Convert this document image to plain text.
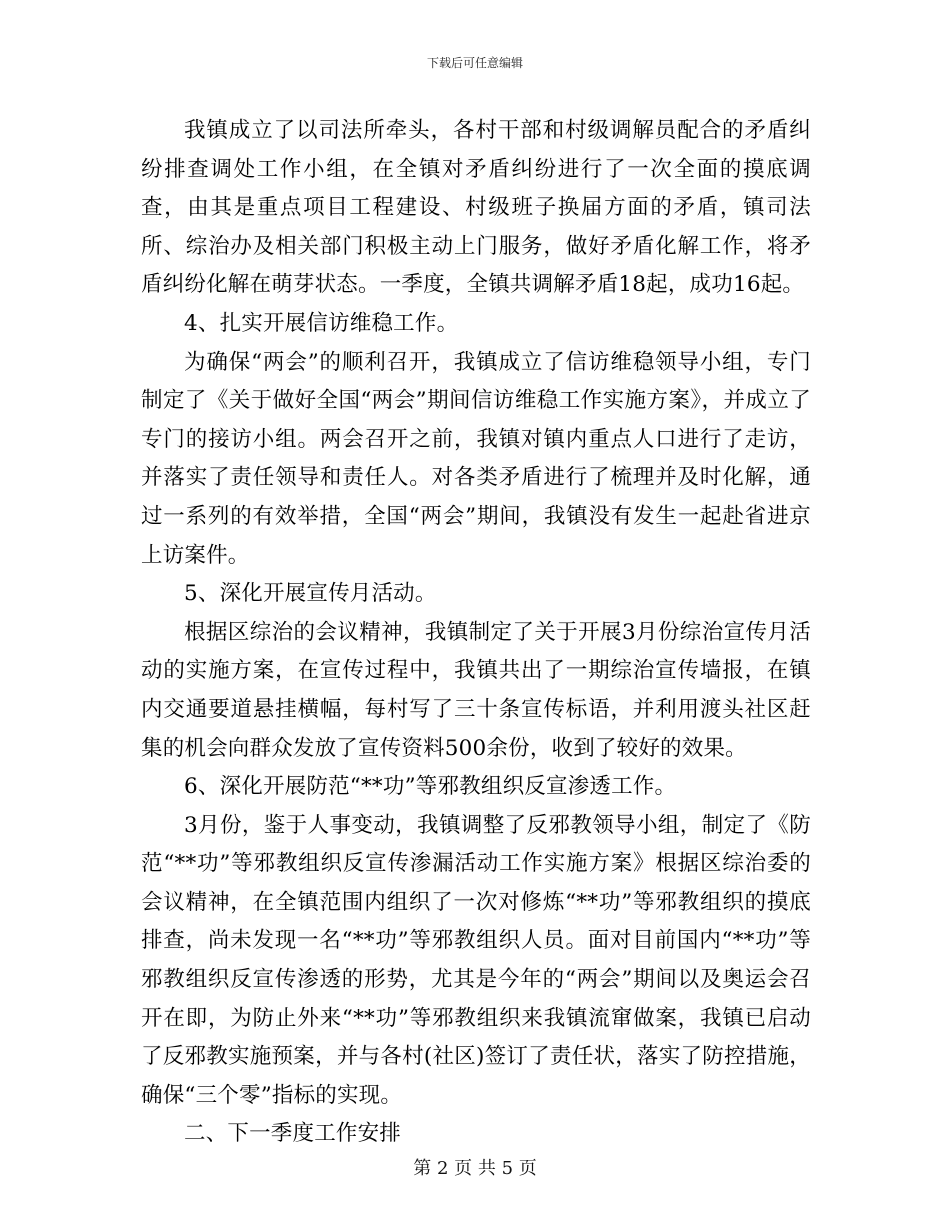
下载后可任意编辑

我镇成立了以司法所牵头，各村干部和村级调解员配合的矛盾纠纷排查调处工作小组，在全镇对矛盾纠纷进行了一次全面的摸底调查，由其是重点项目工程建设、村级班子换届方面的矛盾，镇司法所、综治办及相关部门积极主动上门服务，做好矛盾化解工作，将矛盾纠纷化解在萌芽状态。一季度，全镇共调解矛盾18起，成功16起。

4、扎实开展信访维稳工作。

为确保“两会”的顺利召开，我镇成立了信访维稳领导小组，专门制定了《关于做好全国“两会”期间信访维稳工作实施方案》，并成立了专门的接访小组。两会召开之前，我镇对镇内重点人口进行了走访，并落实了责任领导和责任人。对各类矛盾进行了梳理并及时化解，通过一系列的有效举措，全国“两会”期间，我镇没有发生一起赴省进京上访案件。

5、深化开展宣传月活动。

根据区综治的会议精神，我镇制定了关于开展3月份综治宣传月活动的实施方案，在宣传过程中，我镇共出了一期综治宣传墙报，在镇内交通要道悬挂横幅，每村写了三十条宣传标语，并利用渡头社区赶集的机会向群众发放了宣传资料500余份，收到了较好的效果。

6、深化开展防范“**功”等邪教组织反宣渗透工作。

3月份，鉴于人事变动，我镇调整了反邪教领导小组，制定了《防范“**功”等邪教组织反宣传渗漏活动工作实施方案》根据区综治委的会议精神，在全镇范围内组织了一次对修炼“**功”等邪教组织的摸底排查，尚未发现一名“**功”等邪教组织人员。面对目前国内“**功”等邪教组织反宣传渗透的形势，尤其是今年的“两会”期间以及奥运会召开在即，为防止外来“**功”等邪教组织来我镇流窜做案，我镇已启动了反邪教实施预案，并与各村(社区)签订了责任状，落实了防控措施，确保“三个零”指标的实现。

二、下一季度工作安排

第 2 页 共 5 页
